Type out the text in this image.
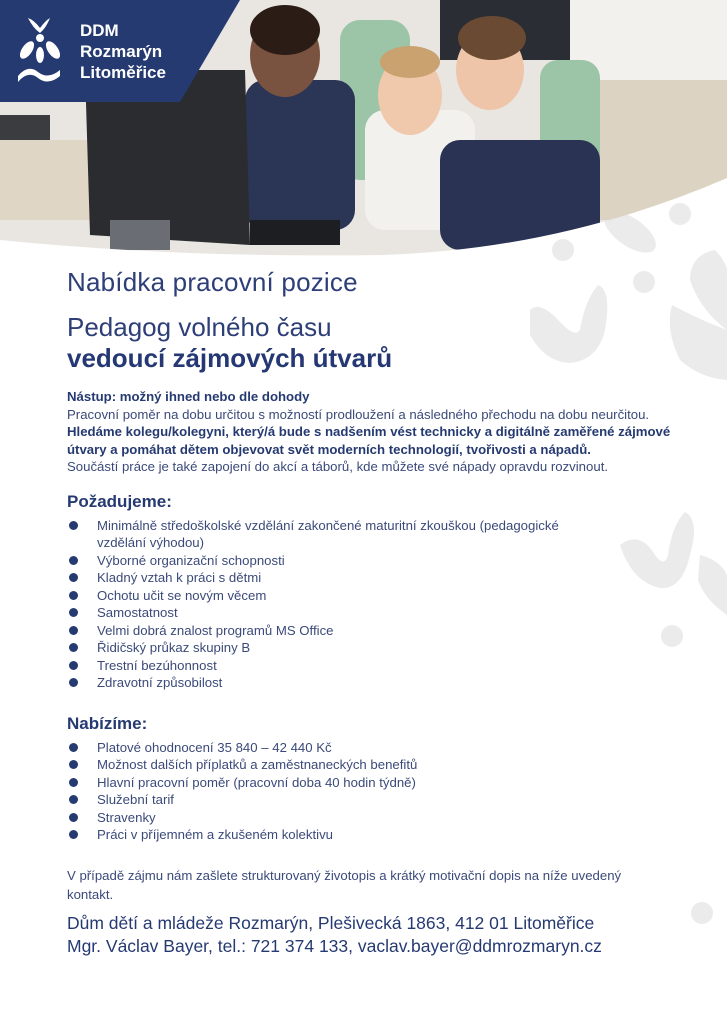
DDM
Rozmarýn
Litoměřice
Nabídka pracovní pozice
Pedagog volného času
vedoucí zájmových útvarů
Nástup: možný ihned nebo dle dohody
Pracovní poměr na dobu určitou s možností prodloužení a následného přechodu na dobu neurčitou. Hledáme kolegu/kolegyni, který/á bude s nadšením vést technicky a digitálně zaměřené zájmové útvary a pomáhat dětem objevovat svět moderních technologií, tvořivosti a nápadů.
Součástí práce je také zapojení do akcí a táborů, kde můžete své nápady opravdu rozvinout.
Požadujeme:
Minimálně středoškolské vzdělání zakončené maturitní zkouškou (pedagogické vzdělání výhodou)
Výborné organizační schopnosti
Kladný vztah k práci s dětmi
Ochotu učit se novým věcem
Samostatnost
Velmi dobrá znalost programů MS Office
Řidičský průkaz skupiny B
Trestní bezúhonnost
Zdravotní způsobilost
Nabízíme:
Platové ohodnocení 35 840 – 42 440 Kč
Možnost dalších příplatků a zaměstnaneckých benefitů
Hlavní pracovní poměr (pracovní doba 40 hodin týdně)
Služební tarif
Stravenky
Práci v příjemném a zkušeném kolektivu
V případě zájmu nám zašlete strukturovaný životopis a krátký motivační dopis na níže uvedený kontakt.
Dům dětí a mládeže Rozmarýn, Plešivecká 1863, 412 01 Litoměřice
Mgr. Václav Bayer, tel.: 721 374 133, vaclav.bayer@ddmrozmaryn.cz
